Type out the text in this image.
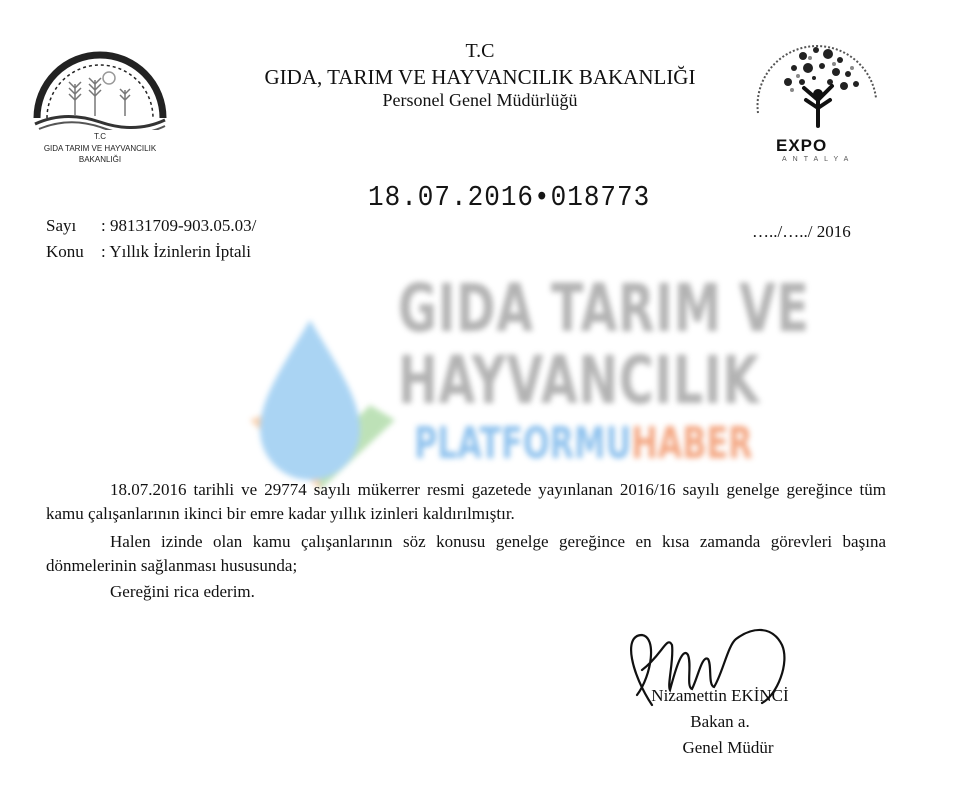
T.C
GIDA TARIM VE HAYVANCILIK
BAKANLIĞI
T.C
GIDA, TARIM VE HAYVANCILIK BAKANLIĞI
Personel Genel Müdürlüğü
EXPO
ANTALYA
18.07.2016•018773
Sayı : 98131709-903.05.03/
Konu : Yıllık İzinlerin İptali
…../…../ 2016
GIDA TARIM VE
HAYVANCILIK
PLATFORMUHABER
18.07.2016 tarihli ve 29774 sayılı mükerrer resmi gazetede yayınlanan 2016/16 sayılı genelge gereğince tüm kamu çalışanlarının ikinci bir emre kadar yıllık izinleri kaldırılmıştır.
Halen izinde olan kamu çalışanlarının söz konusu genelge gereğince en kısa zamanda görevleri başına dönmelerinin sağlanması hususunda;
Gereğini rica ederim.
Nizamettin EKİNCİ
Bakan a.
Genel Müdür
